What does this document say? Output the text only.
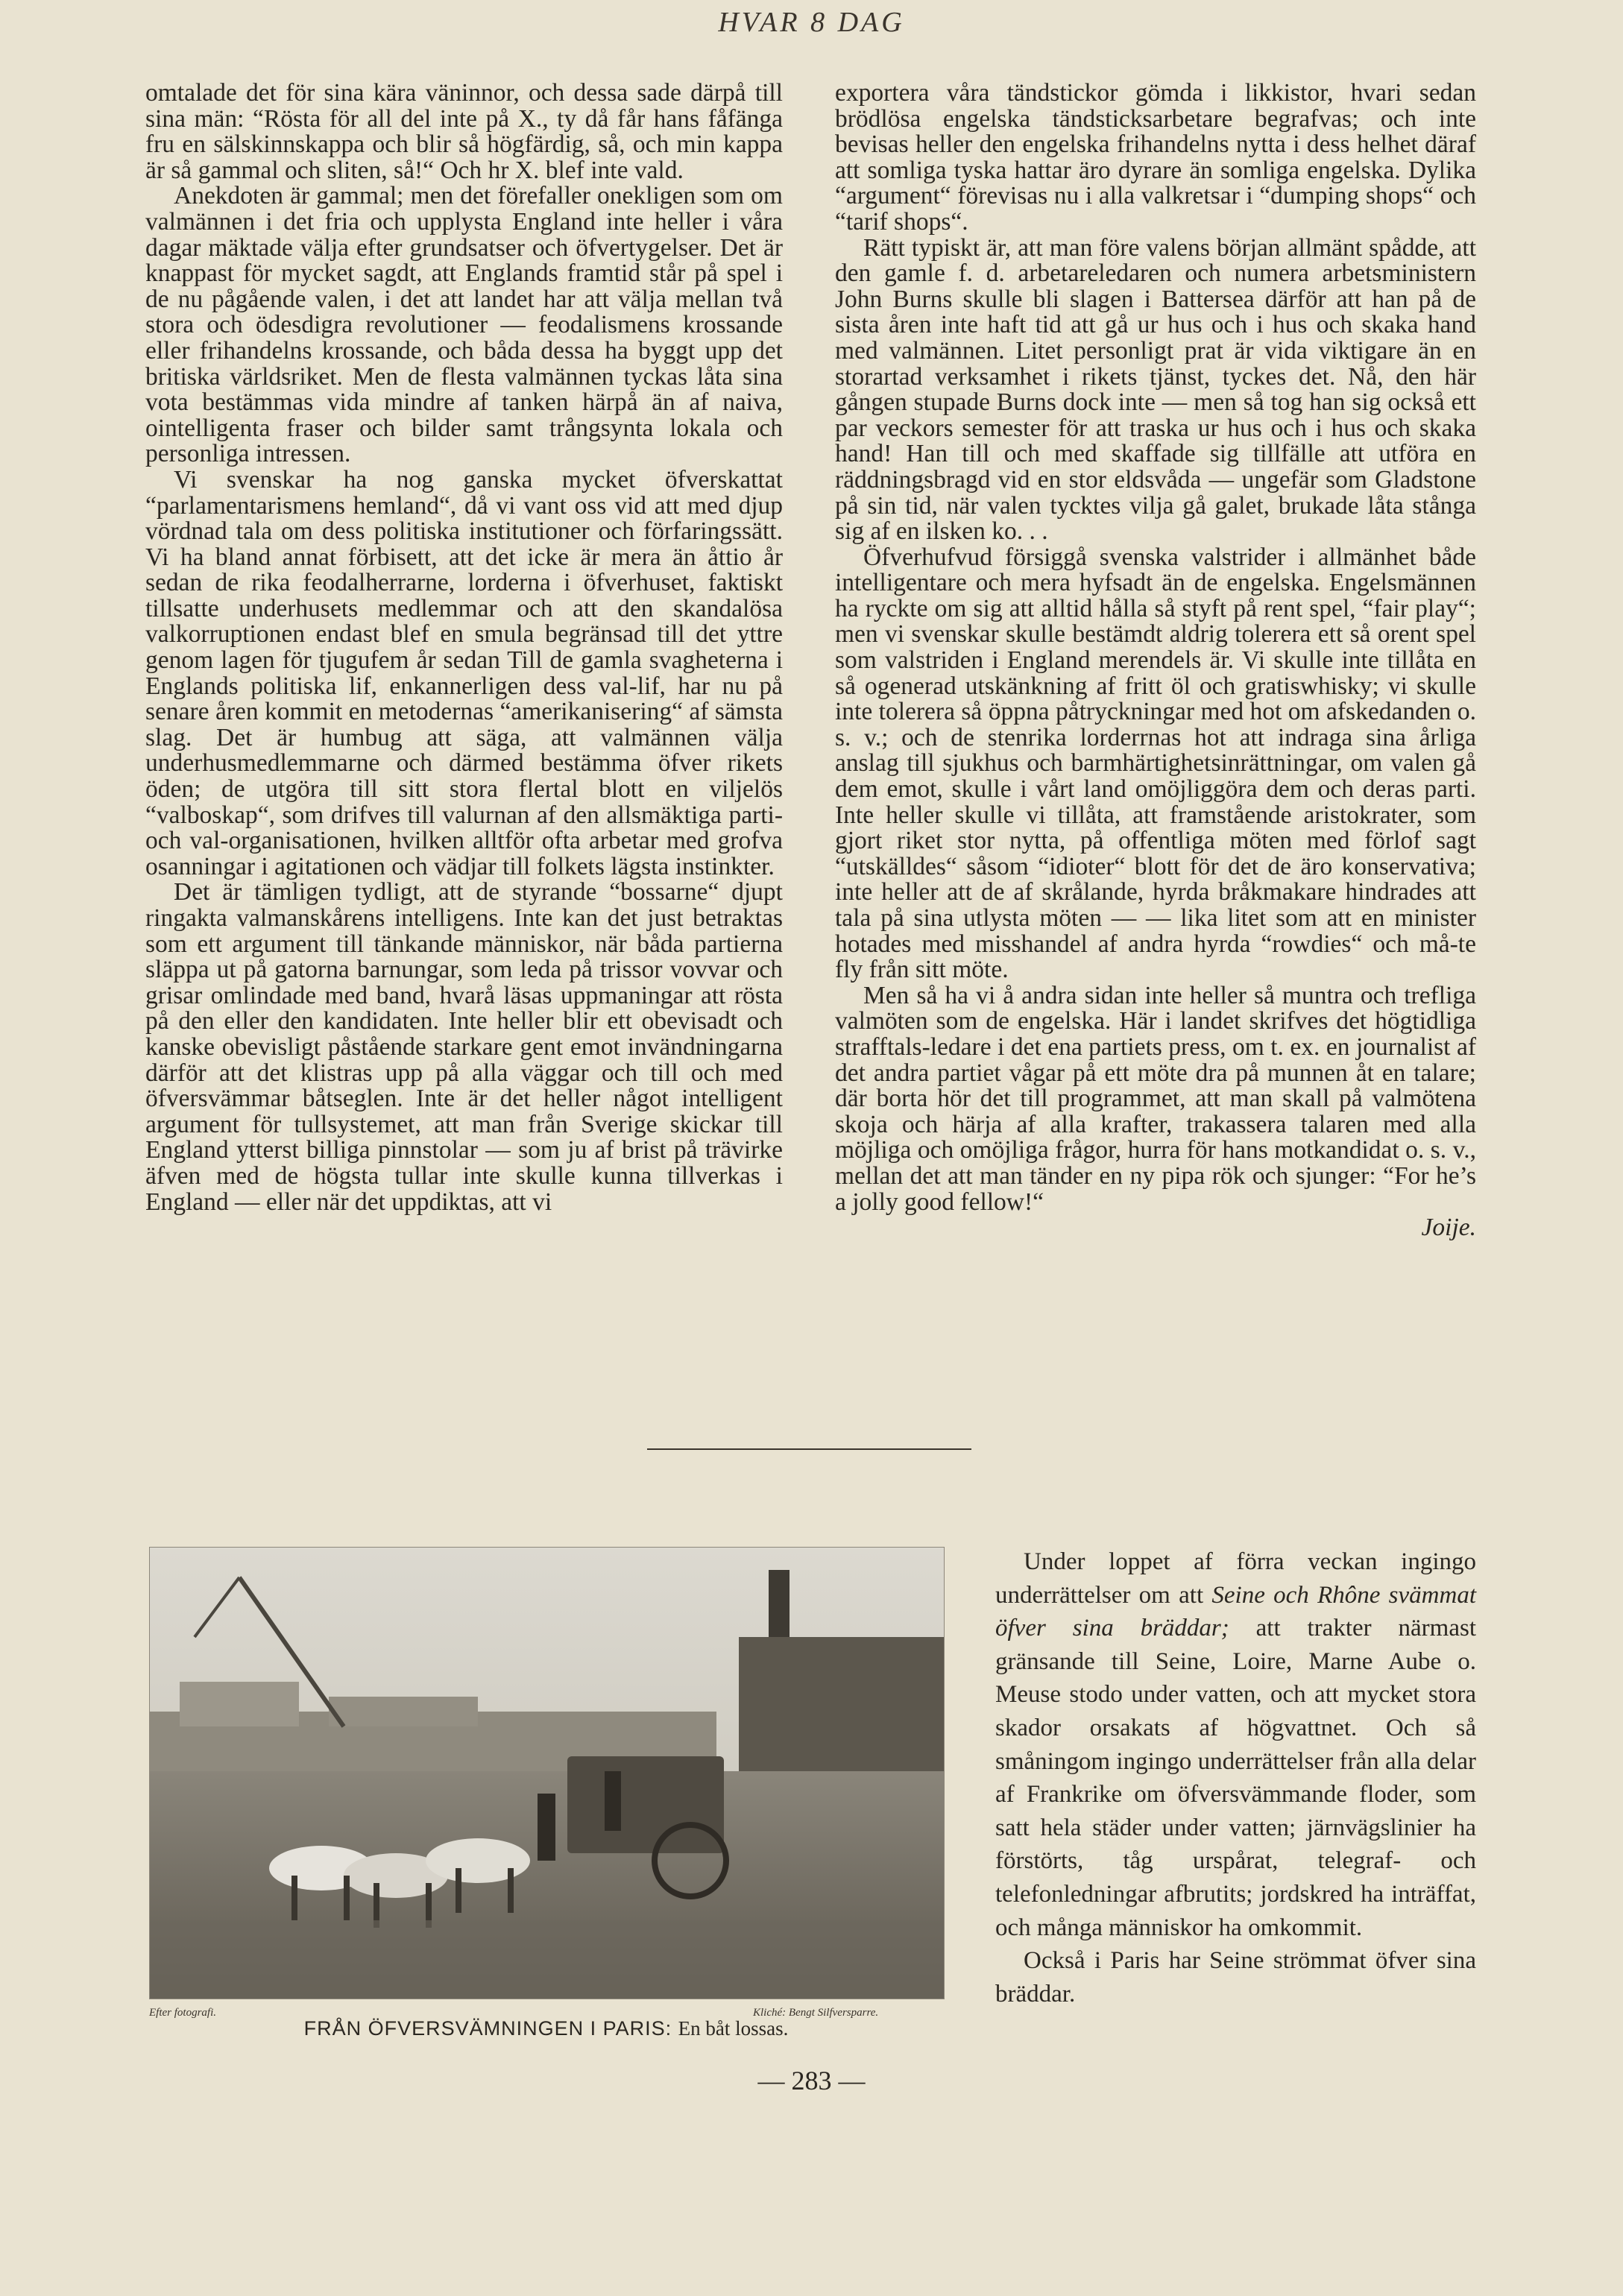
HVAR 8 DAG

omtalade det för sina kära väninnor, och dessa sade därpå till sina män: “Rösta för all del inte på X., ty då får hans fåfänga fru en sälskinnskappa och blir så högfärdig, så, och min kappa är så gammal och sliten, så!“ Och hr X. blef inte vald.

Anekdoten är gammal; men det förefaller onekligen som om valmännen i det fria och upplysta England inte heller i våra dagar mäktade välja efter grundsatser och öfvertygelser. Det är knappast för mycket sagdt, att Englands framtid står på spel i de nu pågående valen, i det att landet har att välja mellan två stora och ödesdigra revolutioner — feodalismens krossande eller frihandelns krossande, och båda dessa ha byggt upp det britiska världsriket. Men de flesta valmännen tyckas låta sina vota bestämmas vida mindre af tanken härpå än af naiva, ointelligenta fraser och bilder samt trångsynta lokala och personliga intressen.

Vi svenskar ha nog ganska mycket öfverskattat “parlamentarismens hemland“, då vi vant oss vid att med djup vördnad tala om dess politiska institutioner och förfaringssätt. Vi ha bland annat förbisett, att det icke är mera än åttio år sedan de rika feodalherrarne, lorderna i öfverhuset, faktiskt tillsatte underhusets medlemmar och att den skandalösa valkorruptionen endast blef en smula begränsad till det yttre genom lagen för tjugufem år sedan Till de gamla svagheterna i Englands politiska lif, enkannerligen dess val-lif, har nu på senare åren kommit en metodernas “amerikanisering“ af sämsta slag. Det är humbug att säga, att valmännen välja underhusmedlemmarne och därmed bestämma öfver rikets öden; de utgöra till sitt stora flertal blott en viljelös “valboskap“, som drifves till valurnan af den allsmäktiga parti- och val-organisationen, hvilken alltför ofta arbetar med grofva osanningar i agitationen och vädjar till folkets lägsta instinkter.

Det är tämligen tydligt, att de styrande “bossarne“ djupt ringakta valmanskårens intelligens. Inte kan det just betraktas som ett argument till tänkande människor, när båda partierna släppa ut på gatorna barnungar, som leda på trissor vovvar och grisar omlindade med band, hvarå läsas uppmaningar att rösta på den eller den kandidaten. Inte heller blir ett obevisadt och kanske obevisligt påstående starkare gent emot invändningarna därför att det klistras upp på alla väggar och till och med öfversvämmar båtseglen. Inte är det heller något intelligent argument för tullsystemet, att man från Sverige skickar till England ytterst billiga pinnstolar — som ju af brist på trävirke äfven med de högsta tullar inte skulle kunna tillverkas i England — eller när det uppdiktas, att vi

exportera våra tändstickor gömda i likkistor, hvari sedan brödlösa engelska tändsticksarbetare begrafvas; och inte bevisas heller den engelska frihandelns nytta i dess helhet däraf att somliga tyska hattar äro dyrare än somliga engelska. Dylika “argument“ förevisas nu i alla valkretsar i “dumping shops“ och “tarif shops“.

Rätt typiskt är, att man före valens början allmänt spådde, att den gamle f. d. arbetareledaren och numera arbetsministern John Burns skulle bli slagen i Battersea därför att han på de sista åren inte haft tid att gå ur hus och i hus och skaka hand med valmännen. Litet personligt prat är vida viktigare än en storartad verksamhet i rikets tjänst, tyckes det. Nå, den här gången stupade Burns dock inte — men så tog han sig också ett par veckors semester för att traska ur hus och i hus och skaka hand! Han till och med skaffade sig tillfälle att utföra en räddningsbragd vid en stor eldsvåda — ungefär som Gladstone på sin tid, när valen tycktes vilja gå galet, brukade låta stånga sig af en ilsken ko. . .

Öfverhufvud försiggå svenska valstrider i allmänhet både intelligentare och mera hyfsadt än de engelska. Engelsmännen ha ryckte om sig att alltid hålla så styft på rent spel, “fair play“; men vi svenskar skulle bestämdt aldrig tolerera ett så orent spel som valstriden i England merendels är. Vi skulle inte tillåta en så ogenerad utskänkning af fritt öl och gratiswhisky; vi skulle inte tolerera så öppna påtryckningar med hot om afskedanden o. s. v.; och de stenrika lorderrnas hot att indraga sina årliga anslag till sjukhus och barmhärtighetsinrättningar, om valen gå dem emot, skulle i vårt land omöjliggöra dem och deras parti. Inte heller skulle vi tillåta, att framstående aristokrater, som gjort riket stor nytta, på offentliga möten med förlof sagt “utskälldes“ såsom “idioter“ blott för det de äro konservativa; inte heller att de af skrålande, hyrda bråkmakare hindrades att tala på sina utlysta möten — — lika litet som att en minister hotades med misshandel af andra hyrda “rowdies“ och må-te fly från sitt möte.

Men så ha vi å andra sidan inte heller så muntra och trefliga valmöten som de engelska. Här i landet skrifves det högtidliga strafftals-ledare i det ena partiets press, om t. ex. en journalist af det andra partiet vågar på ett möte dra på munnen åt en talare; där borta hör det till programmet, att man skall på valmötena skoja och härja af alla krafter, trakassera talaren med alla möjliga och omöjliga frågor, hurra för hans motkandidat o. s. v., mellan det att man tänder en ny pipa rök och sjunger: “For he’s a jolly good fellow!“

Joije.
Efter fotografi.	Kliché: Bengt Silfversparre.
FRÅN ÖFVERSVÄMNINGEN I PARIS: En båt lossas.

Under loppet af förra veckan ingingo underrättelser om att Seine och Rhône svämmat öfver sina bräddar; att trakter närmast gränsande till Seine, Loire, Marne Aube o. Meuse stodo under vatten, och att mycket stora skador orsakats af högvattnet. Och så småningom ingingo underrättelser från alla delar af Frankrike om öfversvämmande floder, som satt hela städer under vatten; järnvägslinier ha förstörts, tåg urspårat, telegraf- och telefonledningar afbrutits; jordskred ha inträffat, och många människor ha omkommit.

Också i Paris har Seine strömmat öfver sina bräddar.

— 283 —
